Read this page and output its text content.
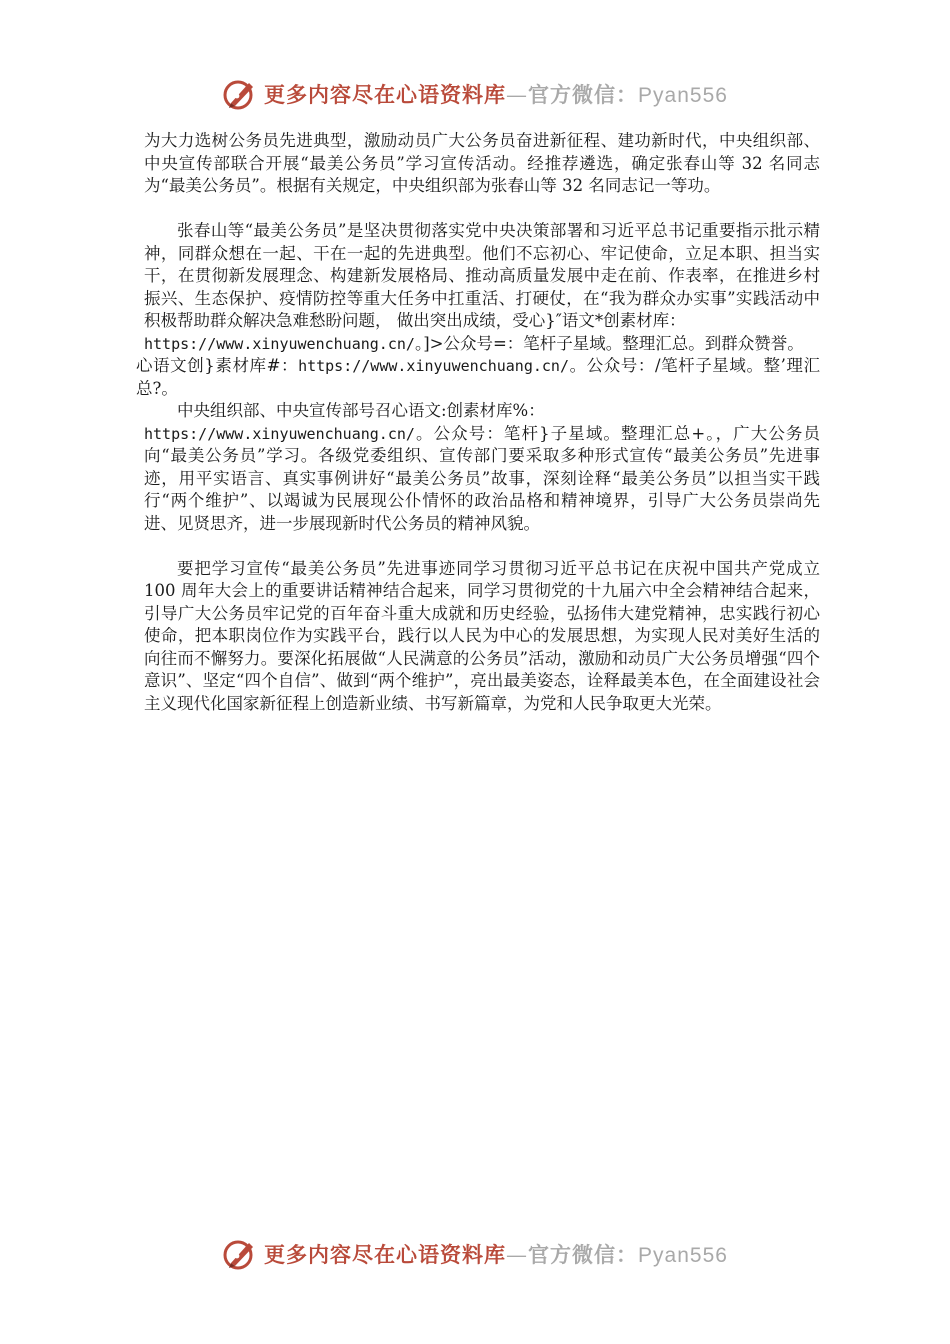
更多内容尽在心语资料库—官方微信：Pyan556

为大力选树公务员先进典型，激励动员广大公务员奋进新征程、建功新时代，中央组织部、中央宣传部联合开展“最美公务员”学习宣传活动。经推荐遴选，确定张春山等 32 名同志为“最美公务员”。根据有关规定，中央组织部为张春山等 32 名同志记一等功。

张春山等“最美公务员”是坚决贯彻落实党中央决策部署和习近平总书记重要指示批示精神，同群众想在一起、干在一起的先进典型。他们不忘初心、牢记使命，立足本职、担当实干，在贯彻新发展理念、构建新发展格局、推动高质量发展中走在前、作表率，在推进乡村振兴、生态保护、疫情防控等重大任务中扛重活、打硬仗，在“我为群众办实事”实践活动中积极帮助群众解决急难愁盼问题， 做出突出成绩，受心}″语文*创素材库：

https://www.xinyuwenchuang.cn/。]>公众号=：笔杆子星域。整理汇总。到群众赞誉。

心语文创}素材库#：https://www.xinyuwenchuang.cn/。公众号：/笔杆子星域。整’理汇总?。

中央组织部、中央宣传部号召心语文:创素材库%：

https://www.xinyuwenchuang.cn/。公众号：笔杆}子星域。整理汇总+。，广大公务员向“最美公务员”学习。各级党委组织、宣传部门要采取多种形式宣传“最美公务员”先进事迹，用平实语言、真实事例讲好“最美公务员”故事，深刻诠释“最美公务员”以担当实干践行“两个维护”、以竭诚为民展现公仆情怀的政治品格和精神境界，引导广大公务员崇尚先进、见贤思齐，进一步展现新时代公务员的精神风貌。

要把学习宣传“最美公务员”先进事迹同学习贯彻习近平总书记在庆祝中国共产党成立 100 周年大会上的重要讲话精神结合起来，同学习贯彻党的十九届六中全会精神结合起来，引导广大公务员牢记党的百年奋斗重大成就和历史经验，弘扬伟大建党精神，忠实践行初心使命，把本职岗位作为实践平台，践行以人民为中心的发展思想，为实现人民对美好生活的向往而不懈努力。要深化拓展做“人民满意的公务员”活动，激励和动员广大公务员增强“四个意识”、坚定“四个自信”、做到“两个维护”，亮出最美姿态，诠释最美本色，在全面建设社会主义现代化国家新征程上创造新业绩、书写新篇章，为党和人民争取更大光荣。

更多内容尽在心语资料库—官方微信：Pyan556
